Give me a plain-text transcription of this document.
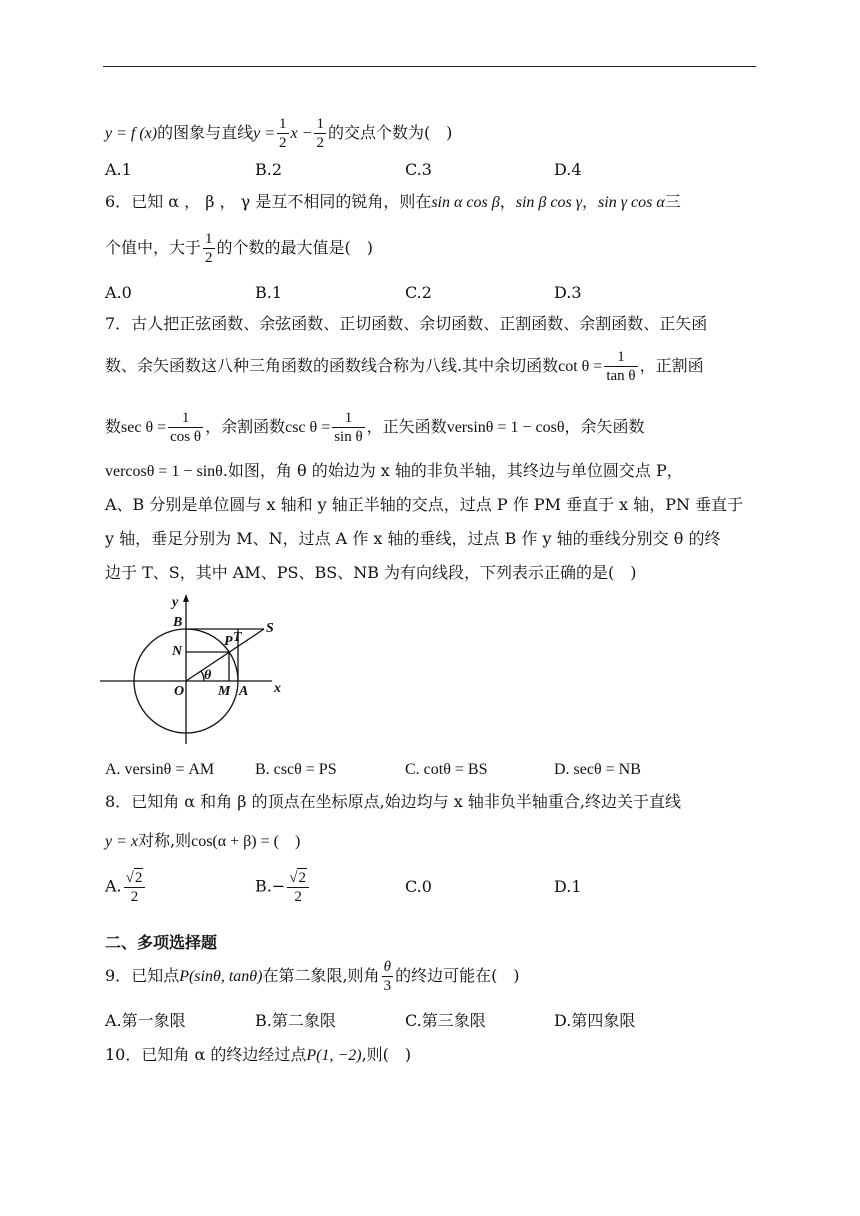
y = f (x)的图象与直线$y = \frac{1}{2}$ $x - \frac{1}{2}$ 的交点个数为(　)
A.1	B.2	C.3	D.4
6．已知 α ， β ， γ 是互不相同的锐角，则在sin α cos β，sin β cos γ，sin γ cos α三
个值中，大于 $\frac{1}{2}$ 的个数的最大值是(　)
A.0	B.1	C.2	D.3
7．古人把正弦函数、余弦函数、正切函数、余切函数、正割函数、余割函数、正矢函
数、余矢函数这八种三角函数的函数线合称为八线.其中余切函数$\cot \theta = \frac{1}{\text{tan θ}}$ ，正割函
数$\sec \theta = \frac{1}{\text{cos θ}}$ ，余割函数$\csc \theta = \frac{1}{\text{sin θ}}$ ，正矢函数versinθ = 1 − cosθ，余矢函数
vercosθ = 1 − sinθ.如图，角 θ 的始边为 x 轴的非负半轴，其终边与单位圆交点 P，
A、B 分别是单位圆与 x 轴和 y 轴正半轴的交点，过点 P 作 PM 垂直于 x 轴，PN 垂直于
y 轴，垂足分别为 M、N，过点 A 作 x 轴的垂线，过点 B 作 y 轴的垂线分别交 θ 的终
边于 T、S，其中 AM、PS、BS、NB 为有向线段，下列表示正确的是(　)
y
x
B
N
O M A
P T
S
θ
A. versinθ = AM	B. cscθ = PS	C. cotθ = BS	D. secθ = NB
8．已知角 α 和角 β 的顶点在坐标原点,始边均与 x 轴非负半轴重合,终边关于直线
y = x对称,则cos(α + β) = (　)
A. $\frac{√2}{2}$	$B.- \frac{√2}{2}$	C.0	D.1
二、多项选择题
9．已知点P(sinθ, tanθ)在第二象限,则角 $\frac{\theta}{3}$ 的终边可能在(　)
A.第一象限	B.第二象限	C.第三象限	D.第四象限
10．已知角 α 的终边经过点P(1, −2),则(　)
